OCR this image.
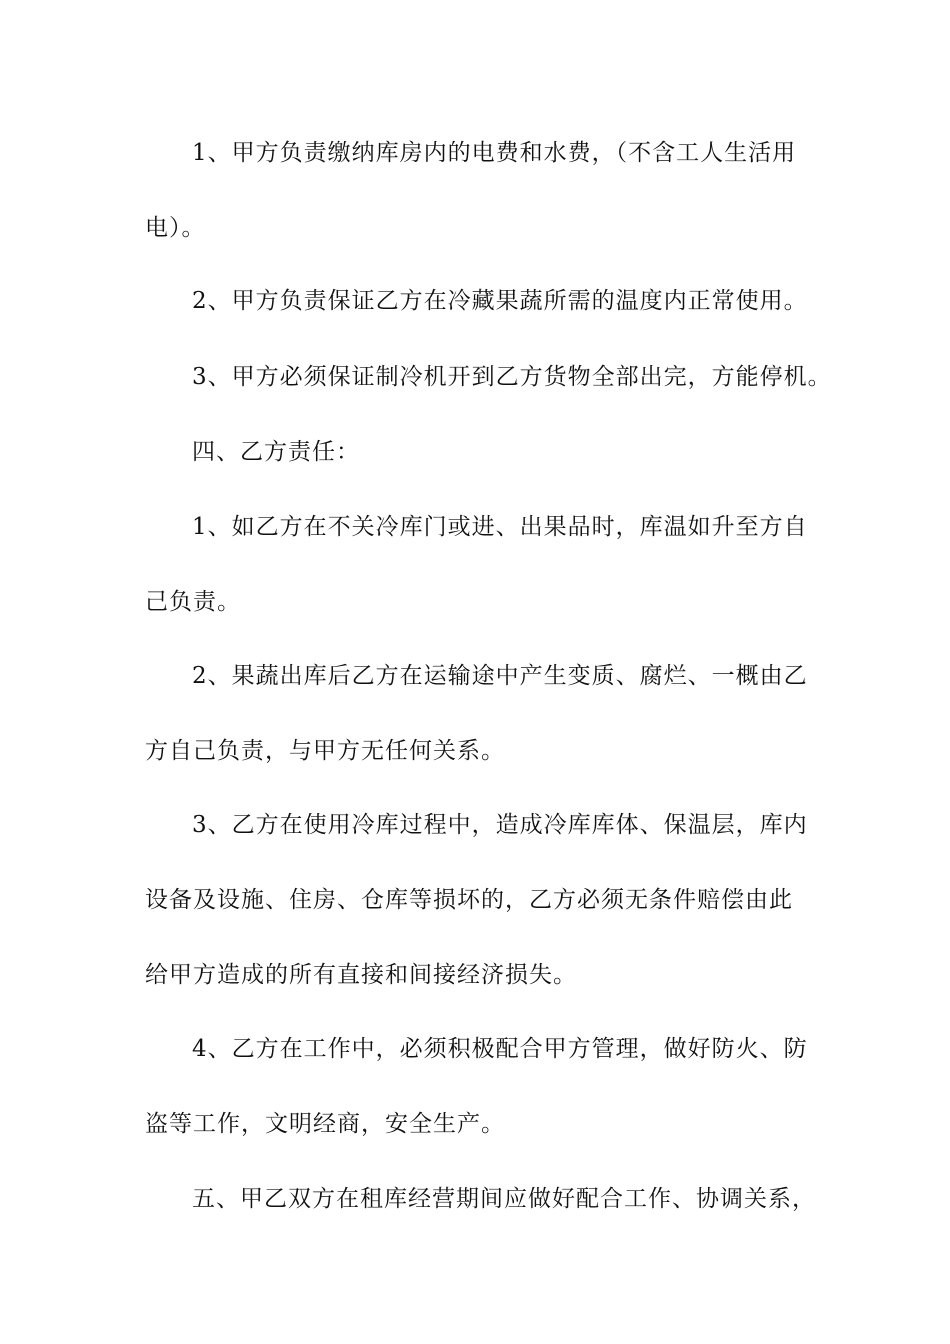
1、甲方负责缴纳库房内的电费和水费，（不含工人生活用
电）。
2、甲方负责保证乙方在冷藏果蔬所需的温度内正常使用。
3、甲方必须保证制冷机开到乙方货物全部出完，方能停机。
四、乙方责任：
1、如乙方在不关冷库门或进、出果品时，库温如升至方自
己负责。
2、果蔬出库后乙方在运输途中产生变质、腐烂、一概由乙
方自己负责，与甲方无任何关系。
3、乙方在使用冷库过程中，造成冷库库体、保温层，库内
设备及设施、住房、仓库等损坏的，乙方必须无条件赔偿由此
给甲方造成的所有直接和间接经济损失。
4、乙方在工作中，必须积极配合甲方管理，做好防火、防
盗等工作，文明经商，安全生产。
五、甲乙双方在租库经营期间应做好配合工作、协调关系，
